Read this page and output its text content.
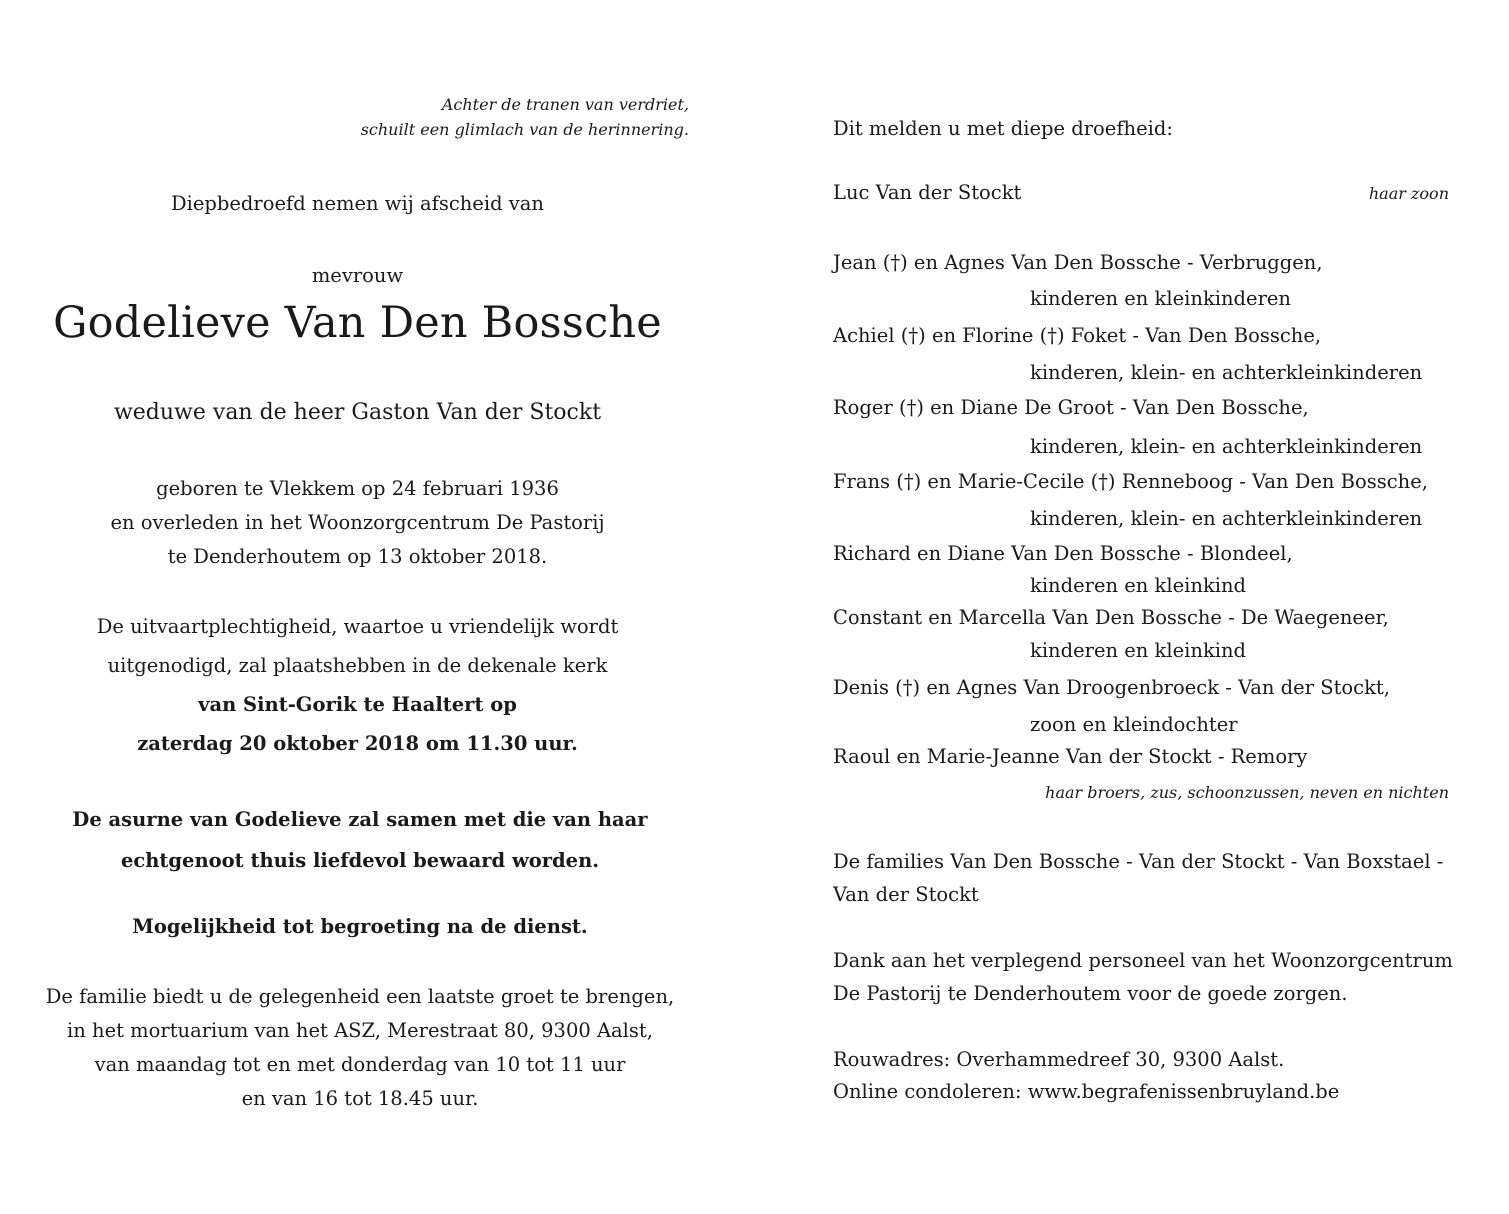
Achter de tranen van verdriet,
schuilt een glimlach van de herinnering.
Diepbedroefd nemen wij afscheid van
mevrouw
Godelieve Van Den Bossche
weduwe van de heer Gaston Van der Stockt
geboren te Vlekkem op 24 februari 1936
en overleden in het Woonzorgcentrum De Pastorij
te Denderhoutem op 13 oktober 2018.
De uitvaartplechtigheid, waartoe u vriendelijk wordt
uitgenodigd, zal plaatshebben in de dekenale kerk
van Sint-Gorik te Haaltert op
zaterdag 20 oktober 2018 om 11.30 uur.
De asurne van Godelieve zal samen met die van haar
echtgenoot thuis liefdevol bewaard worden.
Mogelijkheid tot begroeting na de dienst.
De familie biedt u de gelegenheid een laatste groet te brengen,
in het mortuarium van het ASZ, Merestraat 80, 9300 Aalst,
van maandag tot en met donderdag van 10 tot 11 uur
en van 16 tot 18.45 uur.
Dit melden u met diepe droefheid:
Luc Van der Stockt	haar zoon
Jean (†) en Agnes Van Den Bossche - Verbruggen,
kinderen en kleinkinderen
Achiel (†) en Florine (†) Foket - Van Den Bossche,
kinderen, klein- en achterkleinkinderen
Roger (†) en Diane De Groot - Van Den Bossche,
kinderen, klein- en achterkleinkinderen
Frans (†) en Marie-Cecile (†) Renneboog - Van Den Bossche,
kinderen, klein- en achterkleinkinderen
Richard en Diane Van Den Bossche - Blondeel,
kinderen en kleinkind
Constant en Marcella Van Den Bossche - De Waegeneer,
kinderen en kleinkind
Denis (†) en Agnes Van Droogenbroeck - Van der Stockt,
zoon en kleindochter
Raoul en Marie-Jeanne Van der Stockt - Remory
haar broers, zus, schoonzussen, neven en nichten
De families Van Den Bossche - Van der Stockt - Van Boxstael -
Van der Stockt
Dank aan het verplegend personeel van het Woonzorgcentrum
De Pastorij te Denderhoutem voor de goede zorgen.
Rouwadres: Overhammedreef 30, 9300 Aalst.
Online condoleren: www.begrafenissenbruyland.be
